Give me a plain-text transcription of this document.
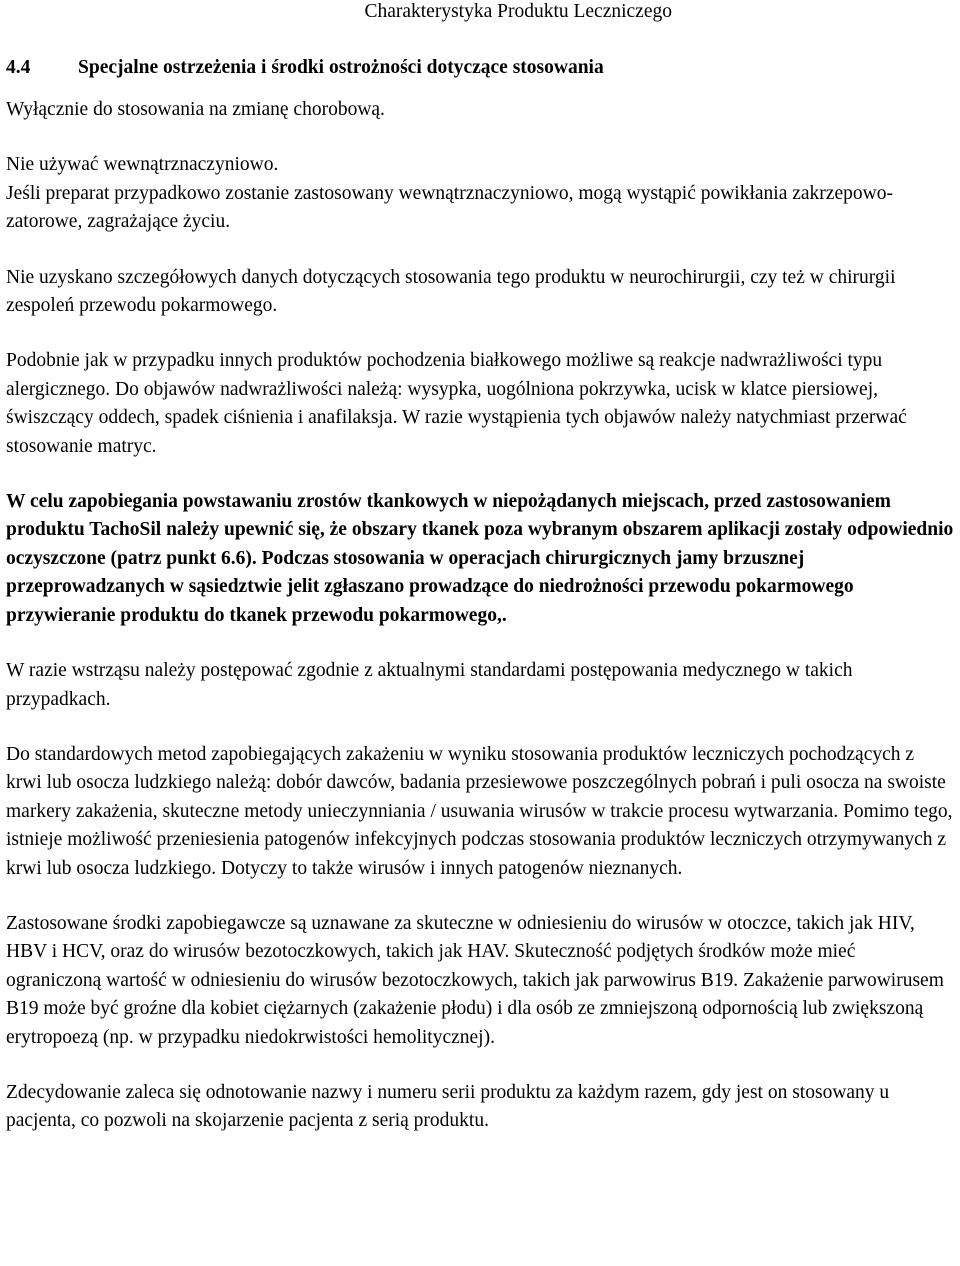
Charakterystyka Produktu Leczniczego
4.4	Specjalne ostrzeżenia i środki ostrożności dotyczące stosowania

Wyłącznie do stosowania na zmianę chorobową.

Nie używać wewnątrznaczyniowo.

Jeśli preparat przypadkowo zostanie zastosowany wewnątrznaczyniowo, mogą wystąpić powikłania zakrzepowo-zatorowe, zagrażające życiu.

Nie uzyskano szczegółowych danych dotyczących stosowania tego produktu w neurochirurgii, czy też w chirurgii zespoleń przewodu pokarmowego.

Podobnie jak w przypadku innych produktów pochodzenia białkowego możliwe są reakcje nadwrażliwości typu alergicznego. Do objawów nadwrażliwości należą: wysypka, uogólniona pokrzywka, ucisk w klatce piersiowej, świszczący oddech, spadek ciśnienia i anafilaksja. W razie wystąpienia tych objawów należy natychmiast przerwać stosowanie matryc.

W celu zapobiegania powstawaniu zrostów tkankowych w niepożądanych miejscach, przed zastosowaniem produktu TachoSil należy upewnić się, że obszary tkanek poza wybranym obszarem aplikacji zostały odpowiednio oczyszczone (patrz punkt 6.6). Podczas stosowania w operacjach chirurgicznych jamy brzusznej przeprowadzanych w sąsiedztwie jelit zgłaszano prowadzące do niedrożności przewodu pokarmowego przywieranie produktu do tkanek przewodu pokarmowego,.

W razie wstrząsu należy postępować zgodnie z aktualnymi standardami postępowania medycznego w takich przypadkach.

Do standardowych metod zapobiegających zakażeniu w wyniku stosowania produktów leczniczych pochodzących z krwi lub osocza ludzkiego należą: dobór dawców, badania przesiewowe poszczególnych pobrań i puli osocza na swoiste markery zakażenia, skuteczne metody unieczynniania / usuwania wirusów w trakcie procesu wytwarzania. Pomimo tego, istnieje możliwość przeniesienia patogenów infekcyjnych podczas stosowania produktów leczniczych otrzymywanych z krwi lub osocza ludzkiego. Dotyczy to także wirusów i innych patogenów nieznanych.

Zastosowane środki zapobiegawcze są uznawane za skuteczne w odniesieniu do wirusów w otoczce, takich jak HIV, HBV i HCV, oraz do wirusów bezotoczkowych, takich jak HAV. Skuteczność podjętych środków może mieć ograniczoną wartość w odniesieniu do wirusów bezotoczkowych, takich jak parwowirus B19. Zakażenie parwowirusem B19 może być groźne dla kobiet ciężarnych (zakażenie płodu) i dla osób ze zmniejszoną odpornością lub zwiększoną erytropoezą (np. w przypadku niedokrwistości hemolitycznej).

Zdecydowanie zaleca się odnotowanie nazwy i numeru serii produktu za każdym razem, gdy jest on stosowany u pacjenta, co pozwoli na skojarzenie pacjenta z serią produktu.
